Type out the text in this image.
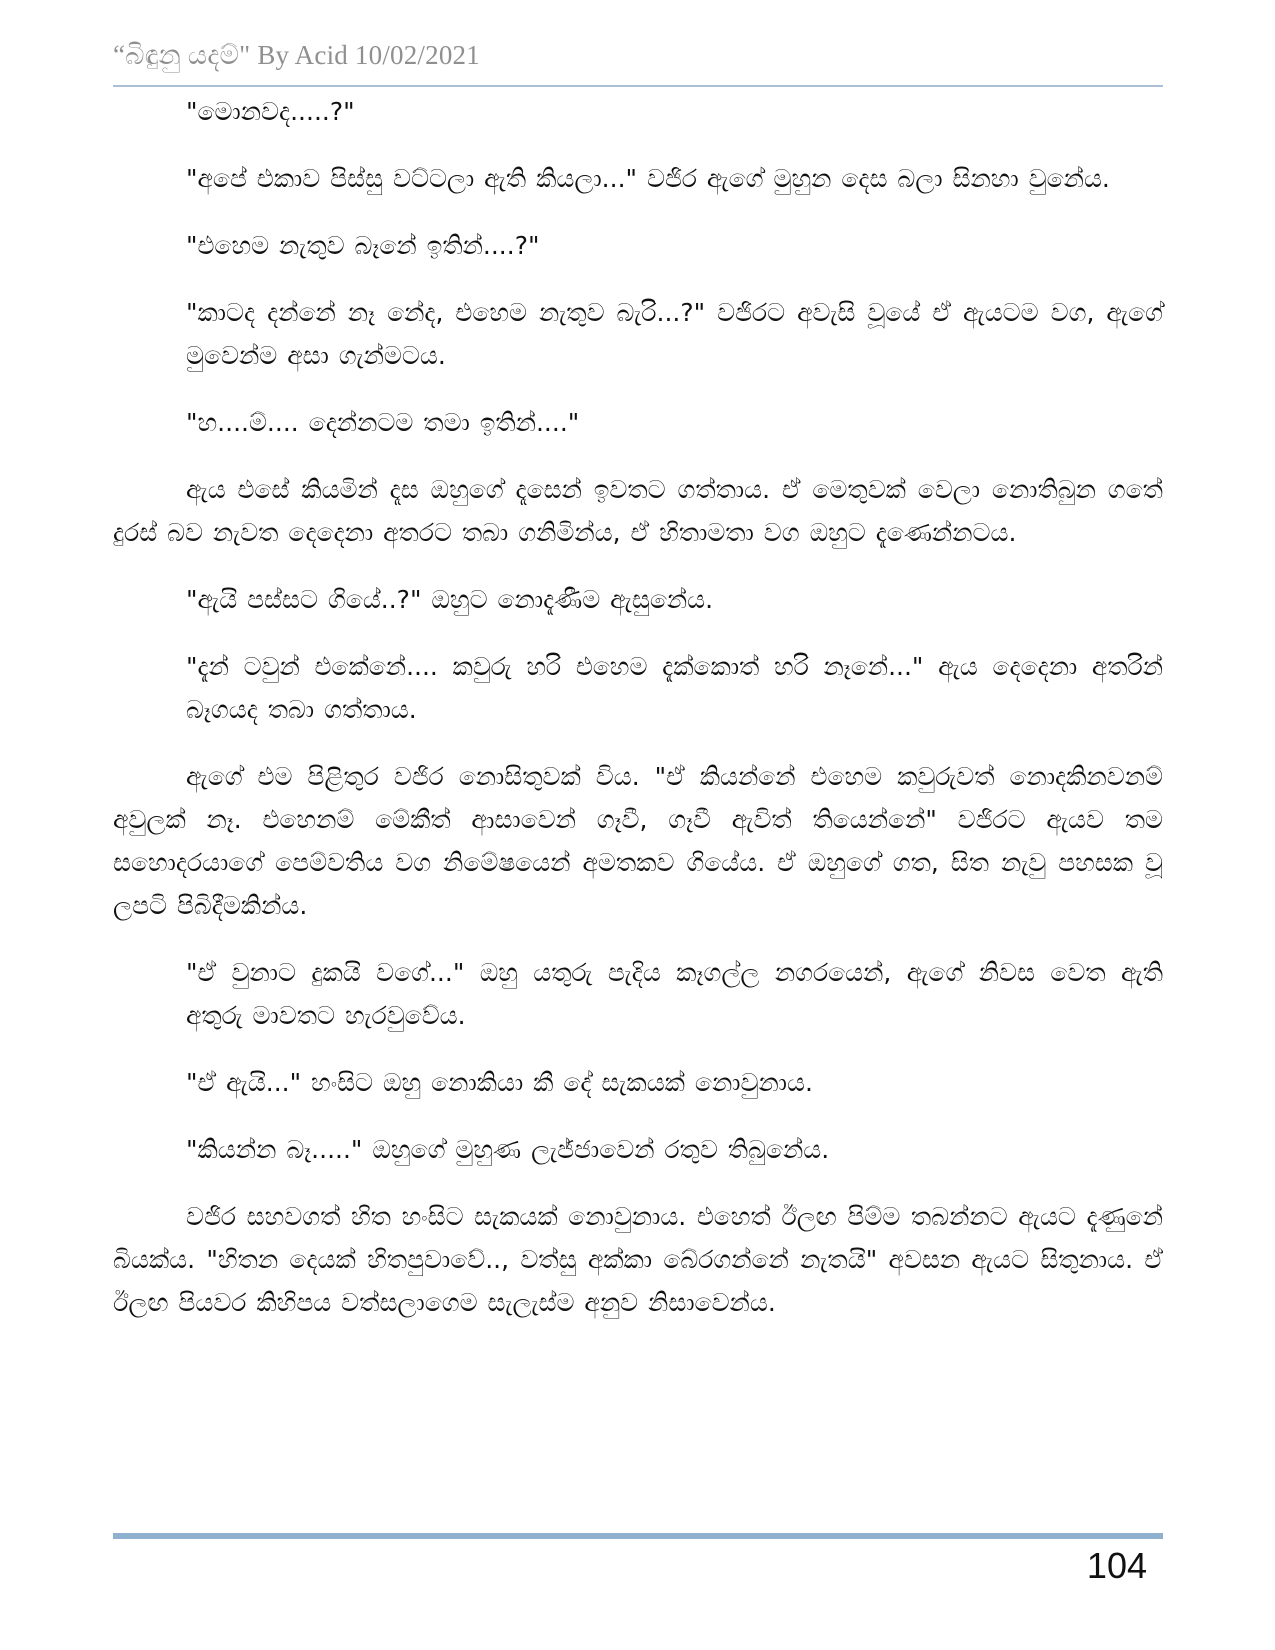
“බිඳුනු යදම්" By Acid 10/02/2021

"මොනවද.....?"

"අපේ එකාව පිස්සු වට්ටලා ඇති කියලා..." වජිර ඇගේ මුහුන දෙස බලා සිනහා වුනේය.

"එහෙම නැතුව බෑනේ ඉතින්....?"

"කාටද දන්නේ නෑ නේද, එහෙම නැතුව බැරි...?" වජිරට අවැසි වූයේ ඒ ඇයටම වග, ඇගේ මුවෙන්ම අසා ගැන්මටය.

"හ....ම්.... දෙන්නටම තමා ඉතින්...."

ඇය එසේ කියමින් දෑස ඔහුගේ දෑසෙන් ඉවතට ගත්තාය. ඒ මෙතුවක් වෙලා නොතිබුන ගතේ දුරස් බව නැවත දෙදෙනා අතරට තබා ගනිමින්ය, ඒ හිතාමතා වග ඔහුට දැණෙන්නටය.

"ඇයි පස්සට ගියේ..?" ඔහුට නොදැණීම ඇසුනේය.

"දැන් ටවුන් එකේනේ.... කවුරු හරි එහෙම දැක්කොත් හරි නෑනේ..." ඇය දෙදෙනා අතරින් බෑගයද තබා ගත්තාය.

ඇගේ එම පිළිතුර වජිර නොසිතුවක් විය. "ඒ කියන්නේ එහෙම කවුරුවත් නොදකිනවනම් අවුලක් නෑ. එහෙනම් මේකීත් ආසාවෙන් ගෑවී, ගෑවී ඇවිත් තියෙන්නේ" වජිරට ඇයව තම සහොදරයාගේ පෙම්වතිය වග නිමේෂයෙන් අමතකව ගියේය. ඒ ඔහුගේ ගත, සිත නැවු පහසක වූ ලපටි පිබිදීමකින්ය.

"ඒ වුනාට දුකයි වගේ..." ඔහු යතුරු පැදිය කෑගල්ල නගරයෙන්, ඇගේ නිවස වෙත ඇති අතුරු මාවතට හැරවුවේය.

"ඒ ඇයි..." හංසිට ඔහු නොකියා කී දේ සැකයක් නොවුනාය.

"කියන්න බෑ....." ඔහුගේ මුහුණ ලැජ්ජාවෙන් රතුව තිබුනේය.

වජිර සහවගත් හිත හංසිට සැකයක් නොවුනාය. එහෙත් ඊලඟ පිම්ම තබන්නට ඇයට දැණුනේ බියක්ය. "හිතන දෙයක් හිතපුවාවේ.., වත්සු අක්කා බේරගන්නේ නැතයි" අවසන ඇයට සිතුනාය. ඒ ඊලඟ පියවර කිහිපය වත්සලාගෙම සැලැස්ම අනුව නිසාවෙන්ය.

104
